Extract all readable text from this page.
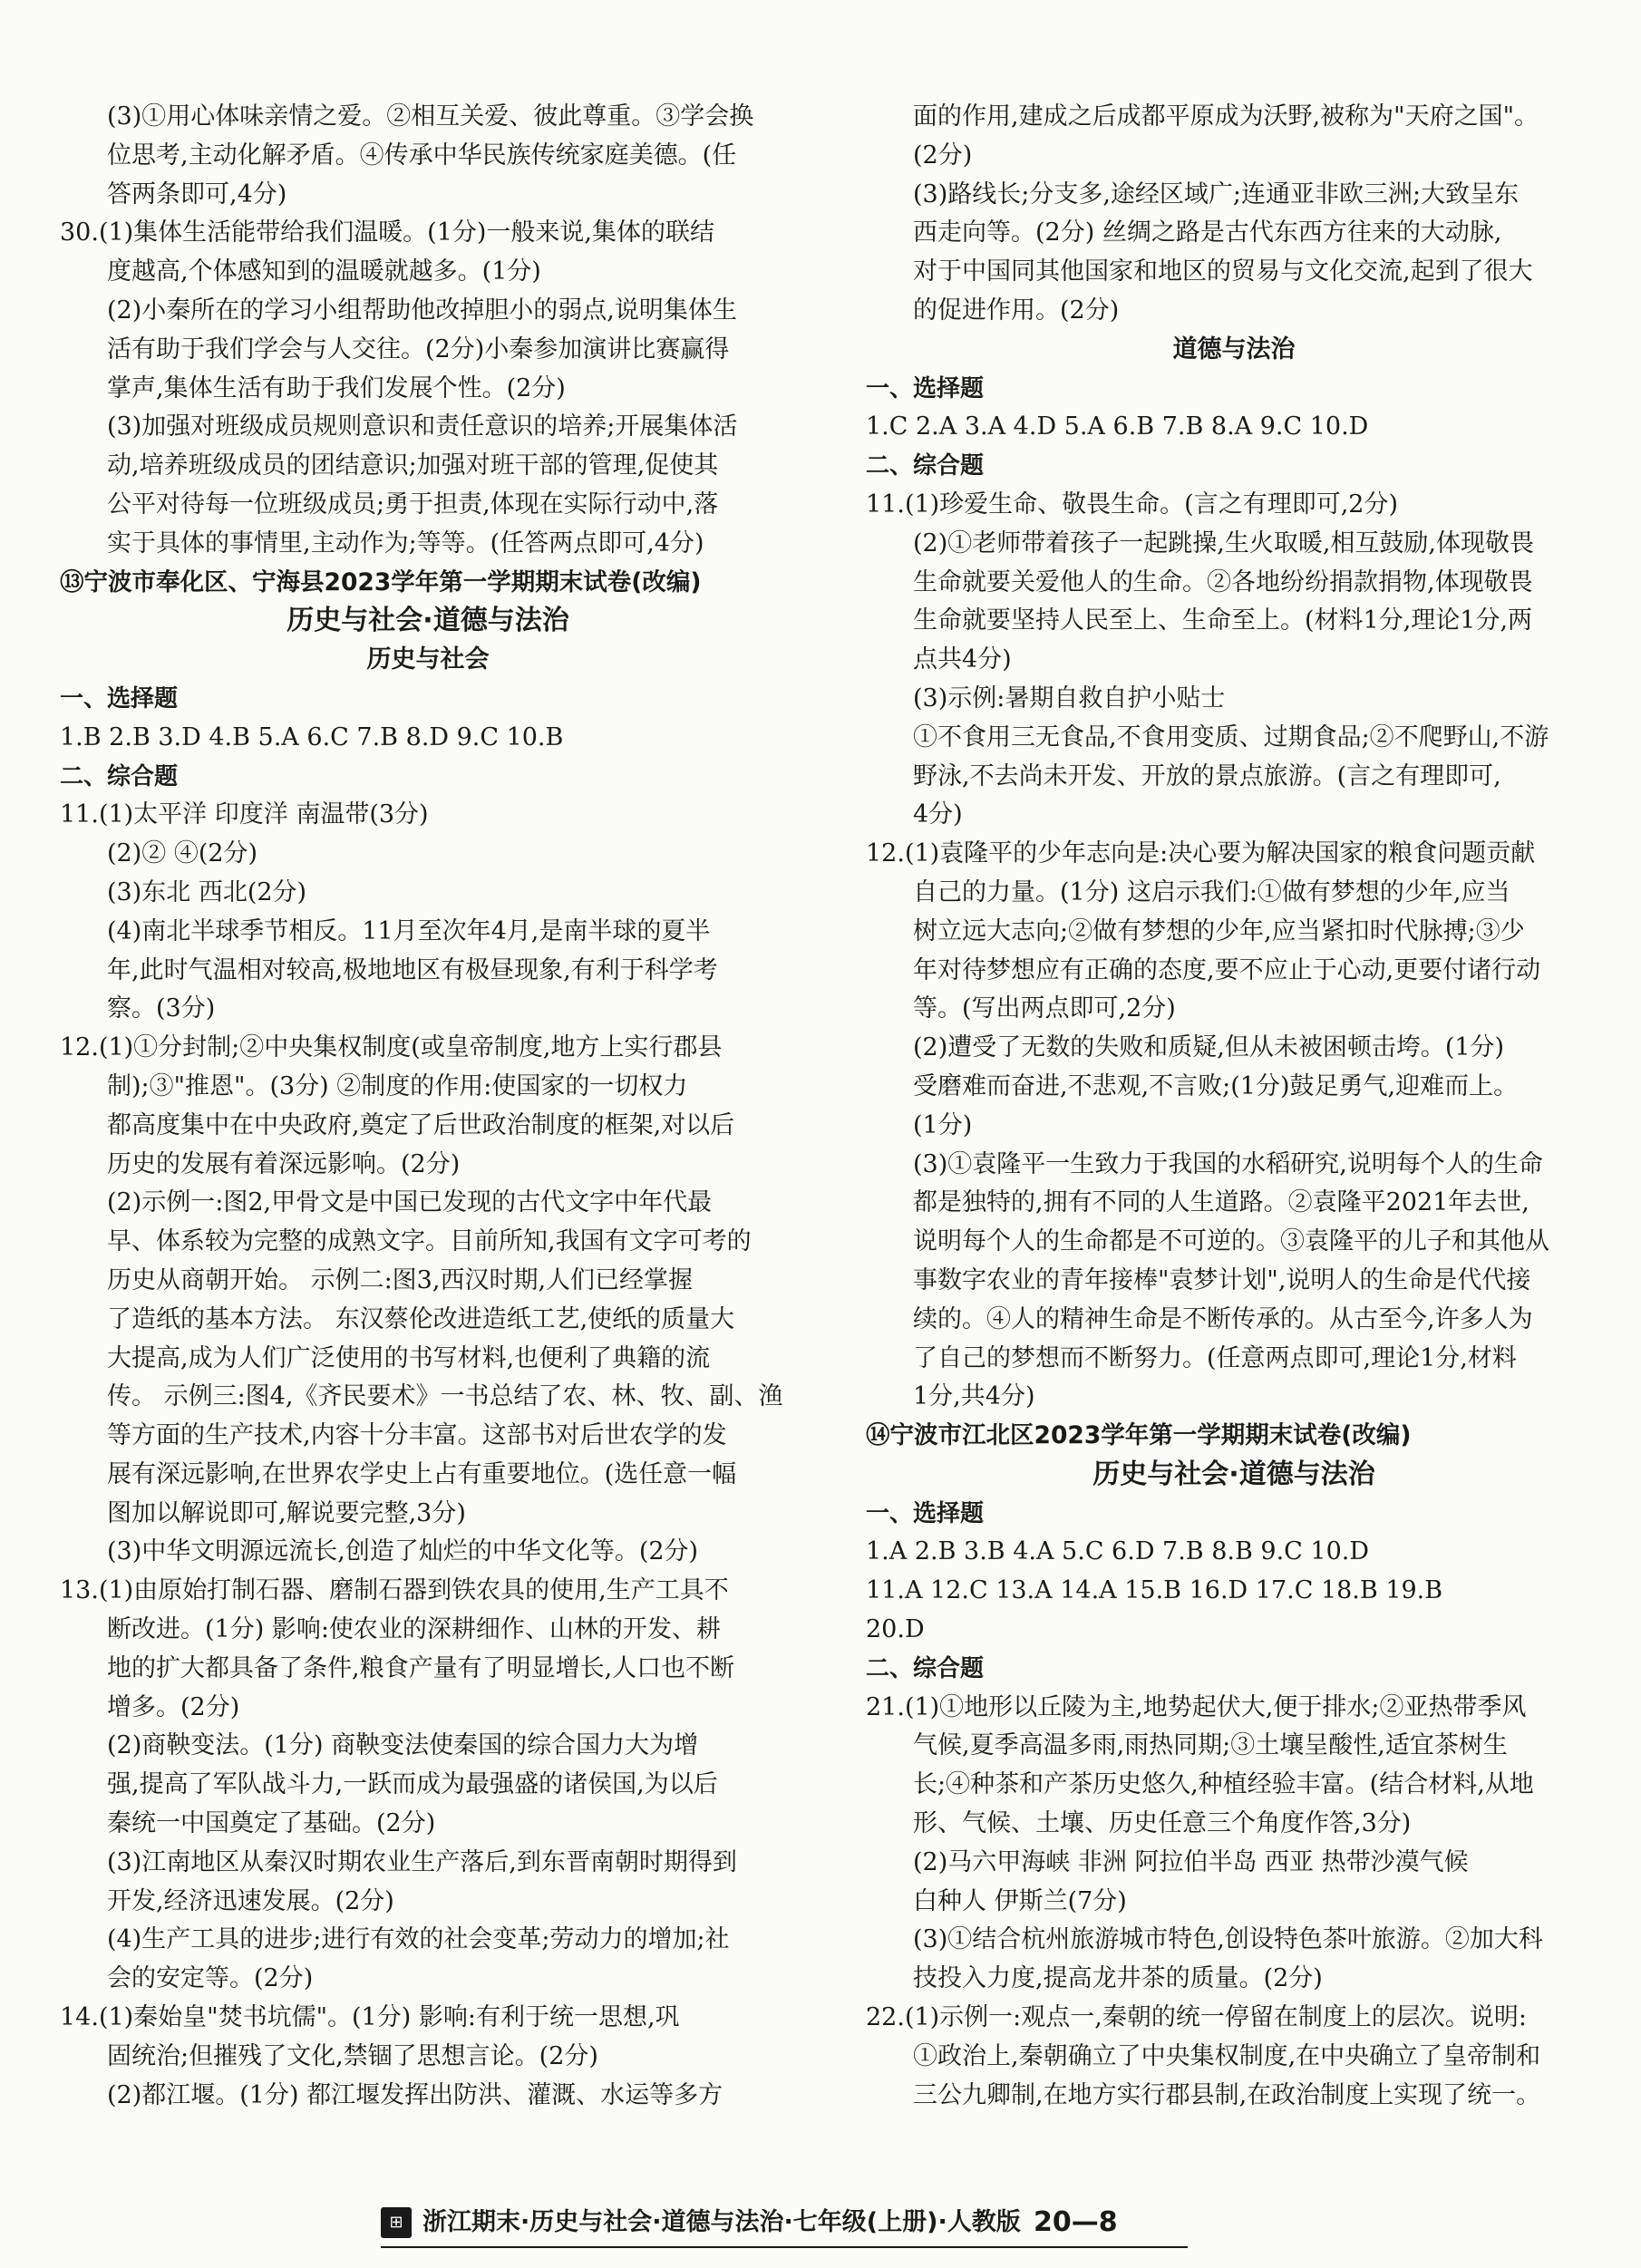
(3)①用心体味亲情之爱。②相互关爱、彼此尊重。③学会换
位思考,主动化解矛盾。④传承中华民族传统家庭美德。(任
答两条即可,4分)
30.(1)集体生活能带给我们温暖。(1分)一般来说,集体的联结
度越高,个体感知到的温暖就越多。(1分)
(2)小秦所在的学习小组帮助他改掉胆小的弱点,说明集体生
活有助于我们学会与人交往。(2分)小秦参加演讲比赛赢得
掌声,集体生活有助于我们发展个性。(2分)
(3)加强对班级成员规则意识和责任意识的培养;开展集体活
动,培养班级成员的团结意识;加强对班干部的管理,促使其
公平对待每一位班级成员;勇于担责,体现在实际行动中,落
实于具体的事情里,主动作为;等等。(任答两点即可,4分)
⑬宁波市奉化区、宁海县2023学年第一学期期末试卷(改编)
历史与社会·道德与法治
历史与社会
一、选择题
1.B 2.B 3.D 4.B 5.A 6.C 7.B 8.D 9.C 10.B
二、综合题
11.(1)太平洋 印度洋 南温带(3分)
(2)② ④(2分)
(3)东北 西北(2分)
(4)南北半球季节相反。11月至次年4月,是南半球的夏半
年,此时气温相对较高,极地地区有极昼现象,有利于科学考
察。(3分)
12.(1)①分封制;②中央集权制度(或皇帝制度,地方上实行郡县
制);③"推恩"。(3分) ②制度的作用:使国家的一切权力
都高度集中在中央政府,奠定了后世政治制度的框架,对以后
历史的发展有着深远影响。(2分)
(2)示例一:图2,甲骨文是中国已发现的古代文字中年代最
早、体系较为完整的成熟文字。目前所知,我国有文字可考的
历史从商朝开始。 示例二:图3,西汉时期,人们已经掌握
了造纸的基本方法。 东汉蔡伦改进造纸工艺,使纸的质量大
大提高,成为人们广泛使用的书写材料,也便利了典籍的流
传。 示例三:图4,《齐民要术》一书总结了农、林、牧、副、渔
等方面的生产技术,内容十分丰富。这部书对后世农学的发
展有深远影响,在世界农学史上占有重要地位。(选任意一幅
图加以解说即可,解说要完整,3分)
(3)中华文明源远流长,创造了灿烂的中华文化等。(2分)
13.(1)由原始打制石器、磨制石器到铁农具的使用,生产工具不
断改进。(1分) 影响:使农业的深耕细作、山林的开发、耕
地的扩大都具备了条件,粮食产量有了明显增长,人口也不断
增多。(2分)
(2)商鞅变法。(1分) 商鞅变法使秦国的综合国力大为增
强,提高了军队战斗力,一跃而成为最强盛的诸侯国,为以后
秦统一中国奠定了基础。(2分)
(3)江南地区从秦汉时期农业生产落后,到东晋南朝时期得到
开发,经济迅速发展。(2分)
(4)生产工具的进步;进行有效的社会变革;劳动力的增加;社
会的安定等。(2分)
14.(1)秦始皇"焚书坑儒"。(1分) 影响:有利于统一思想,巩
固统治;但摧残了文化,禁锢了思想言论。(2分)
(2)都江堰。(1分) 都江堰发挥出防洪、灌溉、水运等多方
面的作用,建成之后成都平原成为沃野,被称为"天府之国"。
(2分)
(3)路线长;分支多,途经区域广;连通亚非欧三洲;大致呈东
西走向等。(2分) 丝绸之路是古代东西方往来的大动脉,
对于中国同其他国家和地区的贸易与文化交流,起到了很大
的促进作用。(2分)
道德与法治
一、选择题
1.C 2.A 3.A 4.D 5.A 6.B 7.B 8.A 9.C 10.D
二、综合题
11.(1)珍爱生命、敬畏生命。(言之有理即可,2分)
(2)①老师带着孩子一起跳操,生火取暖,相互鼓励,体现敬畏
生命就要关爱他人的生命。②各地纷纷捐款捐物,体现敬畏
生命就要坚持人民至上、生命至上。(材料1分,理论1分,两
点共4分)
(3)示例:暑期自救自护小贴士
①不食用三无食品,不食用变质、过期食品;②不爬野山,不游
野泳,不去尚未开发、开放的景点旅游。(言之有理即可,
4分)
12.(1)袁隆平的少年志向是:决心要为解决国家的粮食问题贡献
自己的力量。(1分) 这启示我们:①做有梦想的少年,应当
树立远大志向;②做有梦想的少年,应当紧扣时代脉搏;③少
年对待梦想应有正确的态度,要不应止于心动,更要付诸行动
等。(写出两点即可,2分)
(2)遭受了无数的失败和质疑,但从未被困顿击垮。(1分)
受磨难而奋进,不悲观,不言败;(1分)鼓足勇气,迎难而上。
(1分)
(3)①袁隆平一生致力于我国的水稻研究,说明每个人的生命
都是独特的,拥有不同的人生道路。②袁隆平2021年去世,
说明每个人的生命都是不可逆的。③袁隆平的儿子和其他从
事数字农业的青年接棒"袁梦计划",说明人的生命是代代接
续的。④人的精神生命是不断传承的。从古至今,许多人为
了自己的梦想而不断努力。(任意两点即可,理论1分,材料
1分,共4分)
⑭宁波市江北区2023学年第一学期期末试卷(改编)
历史与社会·道德与法治
一、选择题
1.A 2.B 3.B 4.A 5.C 6.D 7.B 8.B 9.C 10.D
11.A 12.C 13.A 14.A 15.B 16.D 17.C 18.B 19.B
20.D
二、综合题
21.(1)①地形以丘陵为主,地势起伏大,便于排水;②亚热带季风
气候,夏季高温多雨,雨热同期;③土壤呈酸性,适宜茶树生
长;④种茶和产茶历史悠久,种植经验丰富。(结合材料,从地
形、气候、土壤、历史任意三个角度作答,3分)
(2)马六甲海峡 非洲 阿拉伯半岛 西亚 热带沙漠气候
白种人 伊斯兰(7分)
(3)①结合杭州旅游城市特色,创设特色茶叶旅游。②加大科
技投入力度,提高龙井茶的质量。(2分)
22.(1)示例一:观点一,秦朝的统一停留在制度上的层次。说明:
①政治上,秦朝确立了中央集权制度,在中央确立了皇帝制和
三公九卿制,在地方实行郡县制,在政治制度上实现了统一。
⊞ 浙江期末·历史与社会·道德与法治·七年级(上册)·人教版 20—8
